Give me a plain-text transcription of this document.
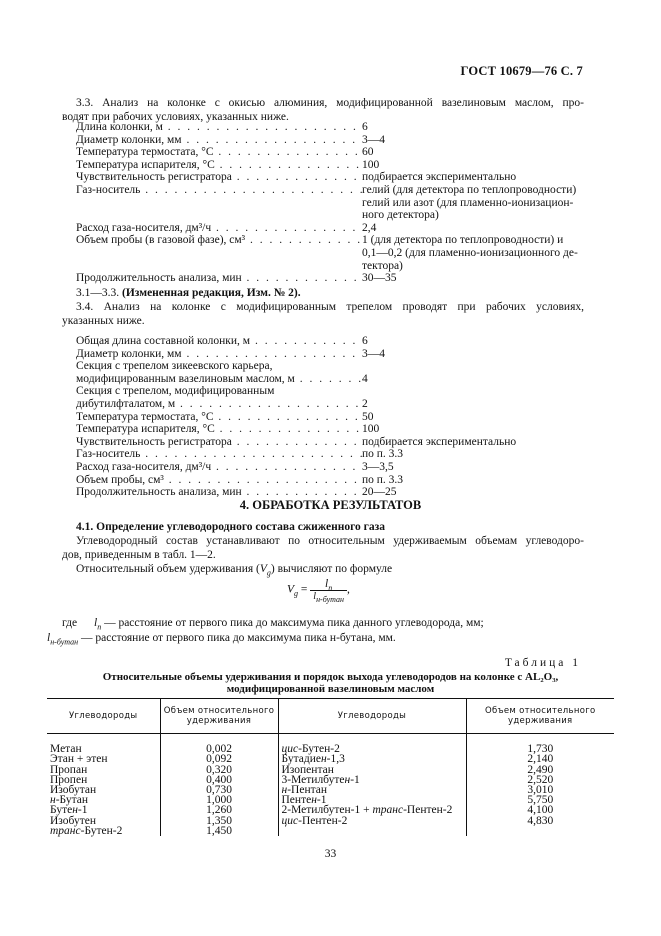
ГОСТ 10679—76 С. 7
3.3. Анализ на колонке с окисью алюминия, модифицированной вазелиновым маслом, про-
водят при рабочих условиях, указанных ниже.
Длина колонки, м . . .	6
Диаметр колонки, мм . . .	3—4
Температура термостата, °С . . .	60
Температура испарителя, °С . . .	100
Чувствительность регистратора . . .	подбирается экспериментально
Газ-носитель . . .	гелий (для детектора по теплопроводности)
гелий или азот (для пламенно-ионизацион-
ного детектора)
Расход газа-носителя, дм³/ч . . .	2,4
Объем пробы (в газовой фазе), см³ . . .	1 (для детектора по теплопроводности) и
0,1—0,2 (для пламенно-ионизационного де-
тектора)
Продолжительность анализа, мин . . .	30—35
3.1—3.3. (Измененная редакция, Изм. № 2).
3.4. Анализ на колонке с модифицированным трепелом проводят при рабочих условиях,
указанных ниже.
Общая длина составной колонки, м . . .	6
Диаметр колонки, мм . . .	3—4
Секция с трепелом зикеевского карьера,
модифицированным вазелиновым маслом, м . . .	4
Секция с трепелом, модифицированным
дибутилфталатом, м . . .	2
Температура термостата, °С . . .	50
Температура испарителя, °С . . .	100
Чувствительность регистратора . . .	подбирается экспериментально
Газ-носитель . . .	по п. 3.3
Расход газа-носителя, дм³/ч . . .	3—3,5
Объем пробы, см³ . . .	по п. 3.3
Продолжительность анализа, мин . . .	20—25
4. ОБРАБОТКА РЕЗУЛЬТАТОВ
4.1. Определение углеводородного состава сжиженного газа
Углеводородный состав устанавливают по относительным удерживаемым объемам углеводоро-
дов, приведенным в табл. 1—2.
Относительный объем удерживания $(V_g)$ вычисляют по формуле
$V_g = \frac{l_n}{l_{н-бутан}}$ ,
где $l_n$ — расстояние от первого пика до максимума пика данного углеводорода, мм;
$l_{н-бутан}$ — расстояние от первого пика до максимума пика н-бутана, мм.
Таблица 1
Относительные объемы удерживания и порядок выхода углеводородов на колонке с AL₂O₃,
модифицированной вазелиновым маслом
Углеводороды	Объем относительного удерживания	Углеводороды	Объем относительного удерживания

Метан	0,002	цис-Бутен-2	1,730
Этан + этен	0,092	Бутадиен-1,3	2,140
Пропан	0,320	Изопентан	2,490
Пропен	0,400	3-Метилбутен-1	2,520
Изобутан	0,730	н-Пентан	3,010
н-Бутан	1,000	Пентен-1	5,750
Бутен-1	1,260	2-Метилбутен-1 + транс-Пентен-2	4,100
Изобутен	1,350	цис-Пентен-2	4,830
транс-Бутен-2	1,450		
33
